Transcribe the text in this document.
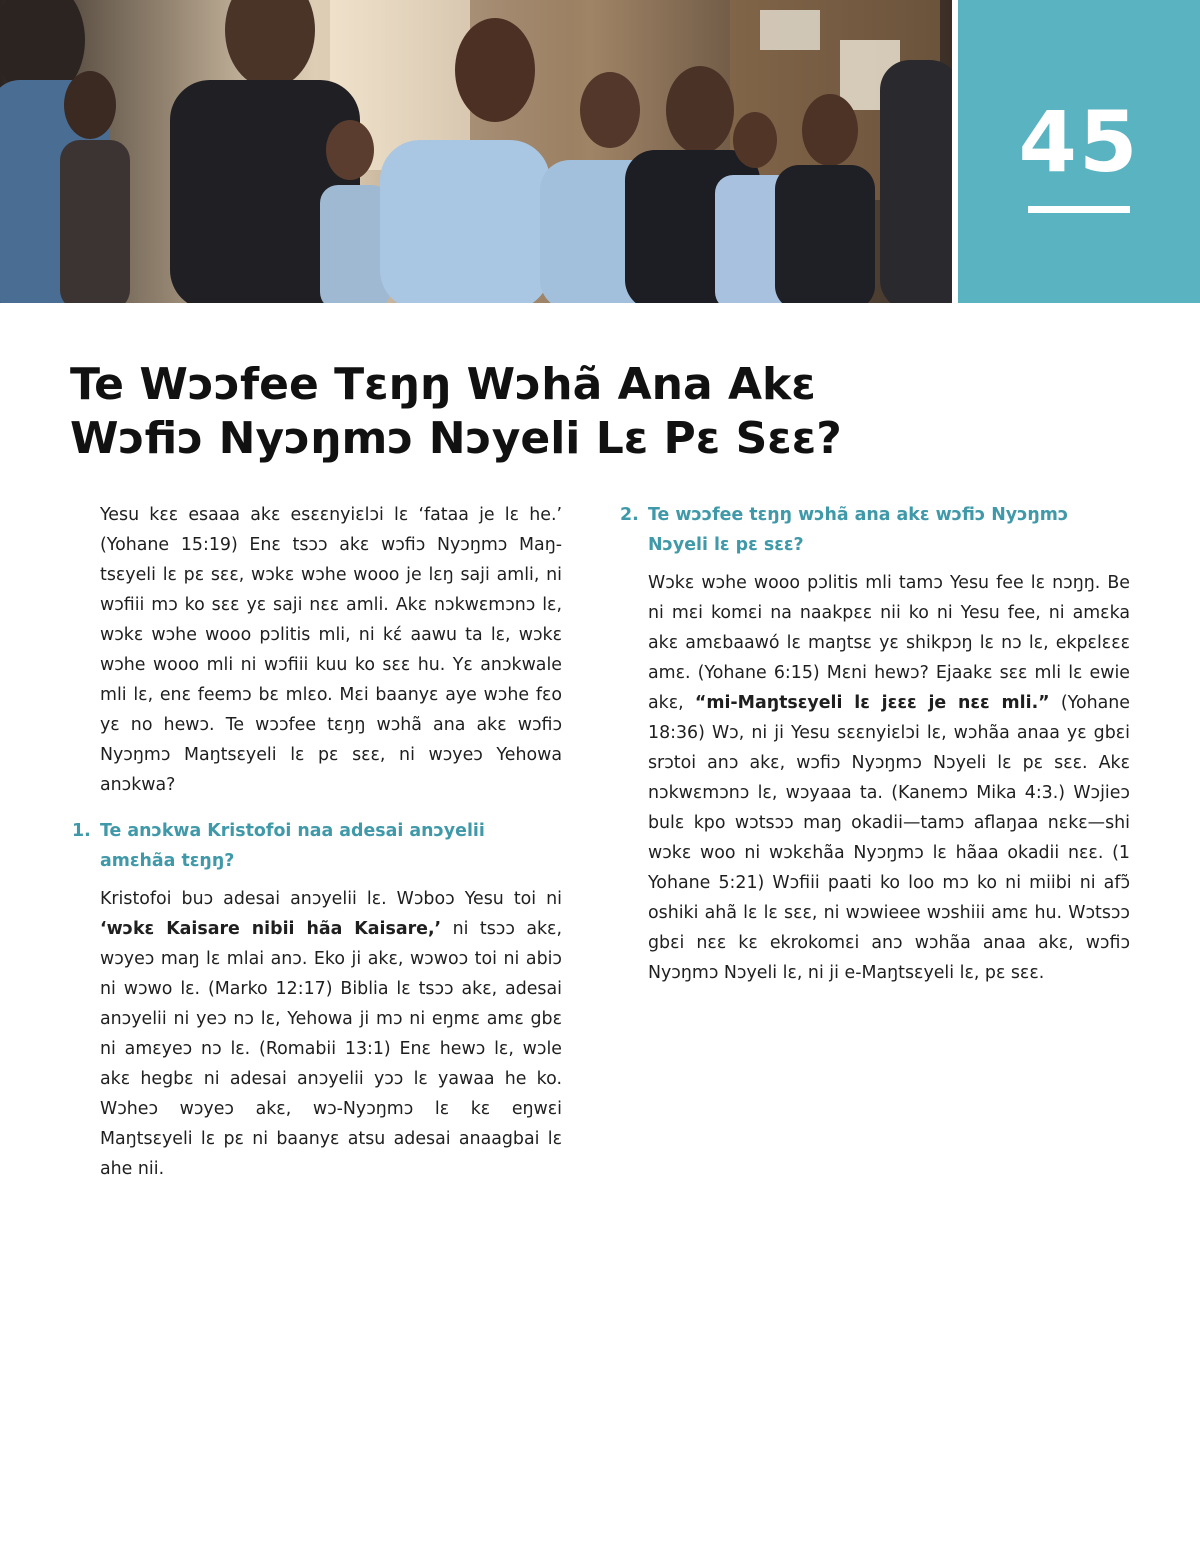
45
Te Wɔɔfee Tɛŋŋ Wɔhã Ana Akɛ
Wɔfiɔ Nyɔŋmɔ Nɔyeli Lɛ Pɛ Sɛɛ?

Yesu kɛɛ esaaa akɛ esɛɛnyiɛlɔi lɛ ‘fataa je lɛ he.’ (Yohane 15:19) Enɛ tsɔɔ akɛ wɔfiɔ Nyɔŋmɔ Maŋtsɛyeli lɛ pɛ sɛɛ, wɔkɛ wɔhe wooo je lɛŋ saji amli, ni wɔfiii mɔ ko sɛɛ yɛ saji nɛɛ amli. Akɛ nɔkwɛmɔnɔ lɛ, wɔkɛ wɔhe wooo pɔlitis mli, ni kɛ́ aawu ta lɛ, wɔkɛ wɔhe wooo mli ni wɔfiii kuu ko sɛɛ hu. Yɛ anɔkwale mli lɛ, enɛ feemɔ bɛ mlɛo. Mɛi baanyɛ aye wɔhe fɛo yɛ no hewɔ. Te wɔɔfee tɛŋŋ wɔhã ana akɛ wɔfiɔ Nyɔŋmɔ Maŋtsɛyeli lɛ pɛ sɛɛ, ni wɔyeɔ Yehowa anɔkwa?

1. Te anɔkwa Kristofoi naa adesai anɔyelii amɛhãa tɛŋŋ?

Kristofoi buɔ adesai anɔyelii lɛ. Wɔboɔ Yesu toi ni ‘wɔkɛ Kaisare nibii hãa Kaisare,’ ni tsɔɔ akɛ, wɔyeɔ maŋ lɛ mlai anɔ. Eko ji akɛ, wɔwoɔ toi ni abiɔ ni wɔwo lɛ. (Marko 12:17) Biblia lɛ tsɔɔ akɛ, adesai anɔyelii ni yeɔ nɔ lɛ, Yehowa ji mɔ ni eŋmɛ amɛ gbɛ ni amɛyeɔ nɔ lɛ. (Romabii 13:1) Enɛ hewɔ lɛ, wɔle akɛ hegbɛ ni adesai anɔyelii yɔɔ lɛ yawaa he ko. Wɔheɔ wɔyeɔ akɛ, wɔ-Nyɔŋmɔ lɛ kɛ eŋwɛi Maŋtsɛyeli lɛ pɛ ni baanyɛ atsu adesai anaagbai lɛ ahe nii.

2. Te wɔɔfee tɛŋŋ wɔhã ana akɛ wɔfiɔ Nyɔŋmɔ Nɔyeli lɛ pɛ sɛɛ?

Wɔkɛ wɔhe wooo pɔlitis mli tamɔ Yesu fee lɛ nɔŋŋ. Be ni mɛi komɛi na naakpɛɛ nii ko ni Yesu fee, ni amɛka akɛ amɛbaawó lɛ maŋtsɛ yɛ shikpɔŋ lɛ nɔ lɛ, ekpɛlɛɛɛ amɛ. (Yohane 6:15) Mɛni hewɔ? Ejaakɛ sɛɛ mli lɛ ewie akɛ, “mi-Maŋtsɛyeli lɛ jɛɛɛ je nɛɛ mli.” (Yohane 18:36) Wɔ, ni ji Yesu sɛɛnyiɛlɔi lɛ, wɔhãa anaa yɛ gbɛi srɔtoi anɔ akɛ, wɔfiɔ Nyɔŋmɔ Nɔyeli lɛ pɛ sɛɛ. Akɛ nɔkwɛmɔnɔ lɛ, wɔyaaa ta. (Kanemɔ Mika 4:3.) Wɔjieɔ bulɛ kpo wɔtsɔɔ maŋ okadii—tamɔ aflaŋaa nɛkɛ—shi wɔkɛ woo ni wɔkɛhãa Nyɔŋmɔ lɛ hãaa okadii nɛɛ. (1 Yohane 5:21) Wɔfiii paati ko loo mɔ ko ni miibi ni afɔ̃ oshiki ahã lɛ lɛ sɛɛ, ni wɔwieee wɔshiii amɛ hu. Wɔtsɔɔ gbɛi nɛɛ kɛ ekrokomɛi anɔ wɔhãa anaa akɛ, wɔfiɔ Nyɔŋmɔ Nɔyeli lɛ, ni ji e-Maŋtsɛyeli lɛ, pɛ sɛɛ.
